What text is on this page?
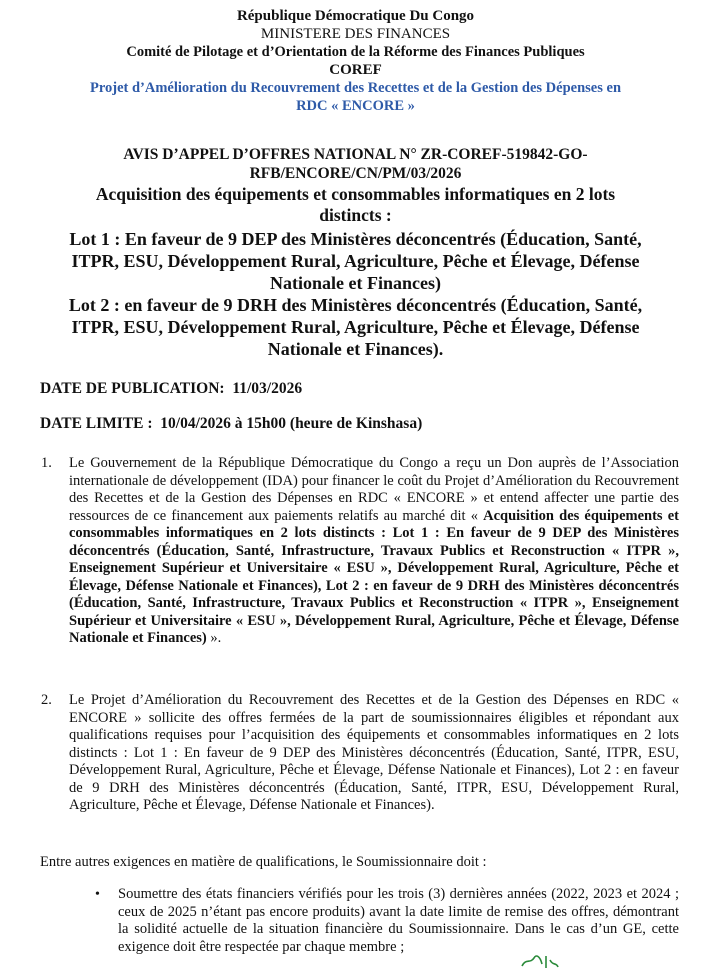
République Démocratique Du Congo
MINISTERE DES FINANCES
Comité de Pilotage et d’Orientation de la Réforme des Finances Publiques
COREF
Projet d’Amélioration du Recouvrement des Recettes et de la Gestion des Dépenses en
RDC « ENCORE »
AVIS D’APPEL D’OFFRES NATIONAL N° ZR-COREF-519842-GO-
RFB/ENCORE/CN/PM/03/2026
Acquisition des équipements et consommables informatiques en 2 lots
distincts :
Lot 1 : En faveur de 9 DEP des Ministères déconcentrés (Éducation, Santé,
ITPR, ESU, Développement Rural, Agriculture, Pêche et Élevage, Défense
Nationale et Finances)
Lot 2 : en faveur de 9 DRH des Ministères déconcentrés (Éducation, Santé,
ITPR, ESU, Développement Rural, Agriculture, Pêche et Élevage, Défense
Nationale et Finances).
DATE DE PUBLICATION: 11/03/2026
DATE LIMITE : 10/04/2026 à 15h00 (heure de Kinshasa)
1. Le Gouvernement de la République Démocratique du Congo a reçu un Don auprès de l’Association internationale de développement (IDA) pour financer le coût du Projet d’Amélioration du Recouvrement des Recettes et de la Gestion des Dépenses en RDC « ENCORE » et entend affecter une partie des ressources de ce financement aux paiements relatifs au marché dit « Acquisition des équipements et consommables informatiques en 2 lots distincts : Lot 1 : En faveur de 9 DEP des Ministères déconcentrés (Éducation, Santé, Infrastructure, Travaux Publics et Reconstruction « ITPR », Enseignement Supérieur et Universitaire « ESU », Développement Rural, Agriculture, Pêche et Élevage, Défense Nationale et Finances), Lot 2 : en faveur de 9 DRH des Ministères déconcentrés (Éducation, Santé, Infrastructure, Travaux Publics et Reconstruction « ITPR », Enseignement Supérieur et Universitaire « ESU », Développement Rural, Agriculture, Pêche et Élevage, Défense Nationale et Finances) ».

2. Le Projet d’Amélioration du Recouvrement des Recettes et de la Gestion des Dépenses en RDC « ENCORE » sollicite des offres fermées de la part de soumissionnaires éligibles et répondant aux qualifications requises pour l’acquisition des équipements et consommables informatiques en 2 lots distincts : Lot 1 : En faveur de 9 DEP des Ministères déconcentrés (Éducation, Santé, ITPR, ESU, Développement Rural, Agriculture, Pêche et Élevage, Défense Nationale et Finances), Lot 2 : en faveur de 9 DRH des Ministères déconcentrés (Éducation, Santé, ITPR, ESU, Développement Rural, Agriculture, Pêche et Élevage, Défense Nationale et Finances).

Entre autres exigences en matière de qualifications, le Soumissionnaire doit :
• Soumettre des états financiers vérifiés pour les trois (3) dernières années (2022, 2023 et 2024 ; ceux de 2025 n’étant pas encore produits) avant la date limite de remise des offres, démontrant la solidité actuelle de la situation financière du Soumissionnaire. Dans le cas d’un GE, cette exigence doit être respectée par chaque membre ;
